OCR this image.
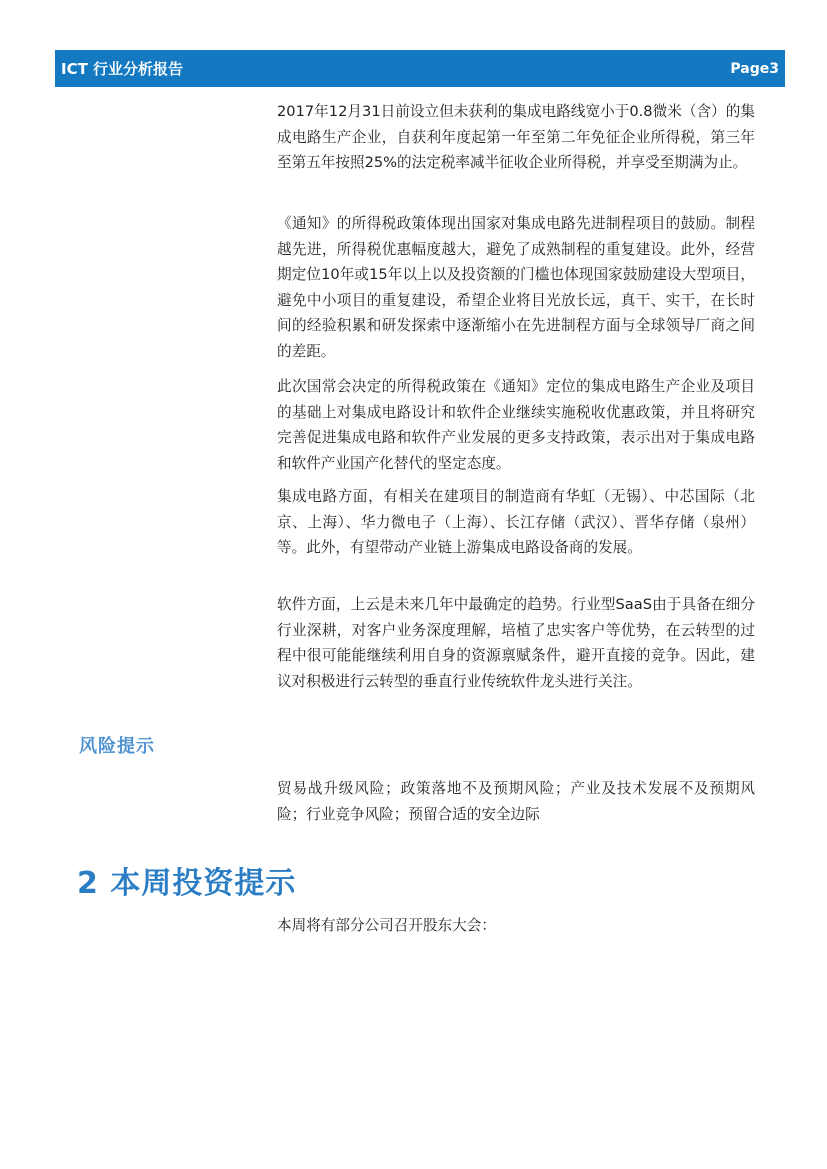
ICT 行业分析报告	Page3

2017年12月31日前设立但未获利的集成电路线宽小于0.8微米（含）的集成电路生产企业，自获利年度起第一年至第二年免征企业所得税，第三年至第五年按照25%的法定税率减半征收企业所得税，并享受至期满为止。

《通知》的所得税政策体现出国家对集成电路先进制程项目的鼓励。制程越先进，所得税优惠幅度越大，避免了成熟制程的重复建设。此外，经营期定位10年或15年以上以及投资额的门槛也体现国家鼓励建设大型项目，避免中小项目的重复建设，希望企业将目光放长远，真干、实干，在长时间的经验积累和研发探索中逐渐缩小在先进制程方面与全球领导厂商之间的差距。

此次国常会决定的所得税政策在《通知》定位的集成电路生产企业及项目的基础上对集成电路设计和软件企业继续实施税收优惠政策，并且将研究完善促进集成电路和软件产业发展的更多支持政策，表示出对于集成电路和软件产业国产化替代的坚定态度。

集成电路方面，有相关在建项目的制造商有华虹（无锡）、中芯国际（北京、上海）、华力微电子（上海）、长江存储（武汉）、晋华存储（泉州）等。此外，有望带动产业链上游集成电路设备商的发展。

软件方面，上云是未来几年中最确定的趋势。行业型SaaS由于具备在细分行业深耕，对客户业务深度理解，培植了忠实客户等优势，在云转型的过程中很可能能继续利用自身的资源禀赋条件，避开直接的竞争。因此，建议对积极进行云转型的垂直行业传统软件龙头进行关注。

风险提示

贸易战升级风险；政策落地不及预期风险；产业及技术发展不及预期风险；行业竞争风险；预留合适的安全边际

2 本周投资提示

本周将有部分公司召开股东大会：
